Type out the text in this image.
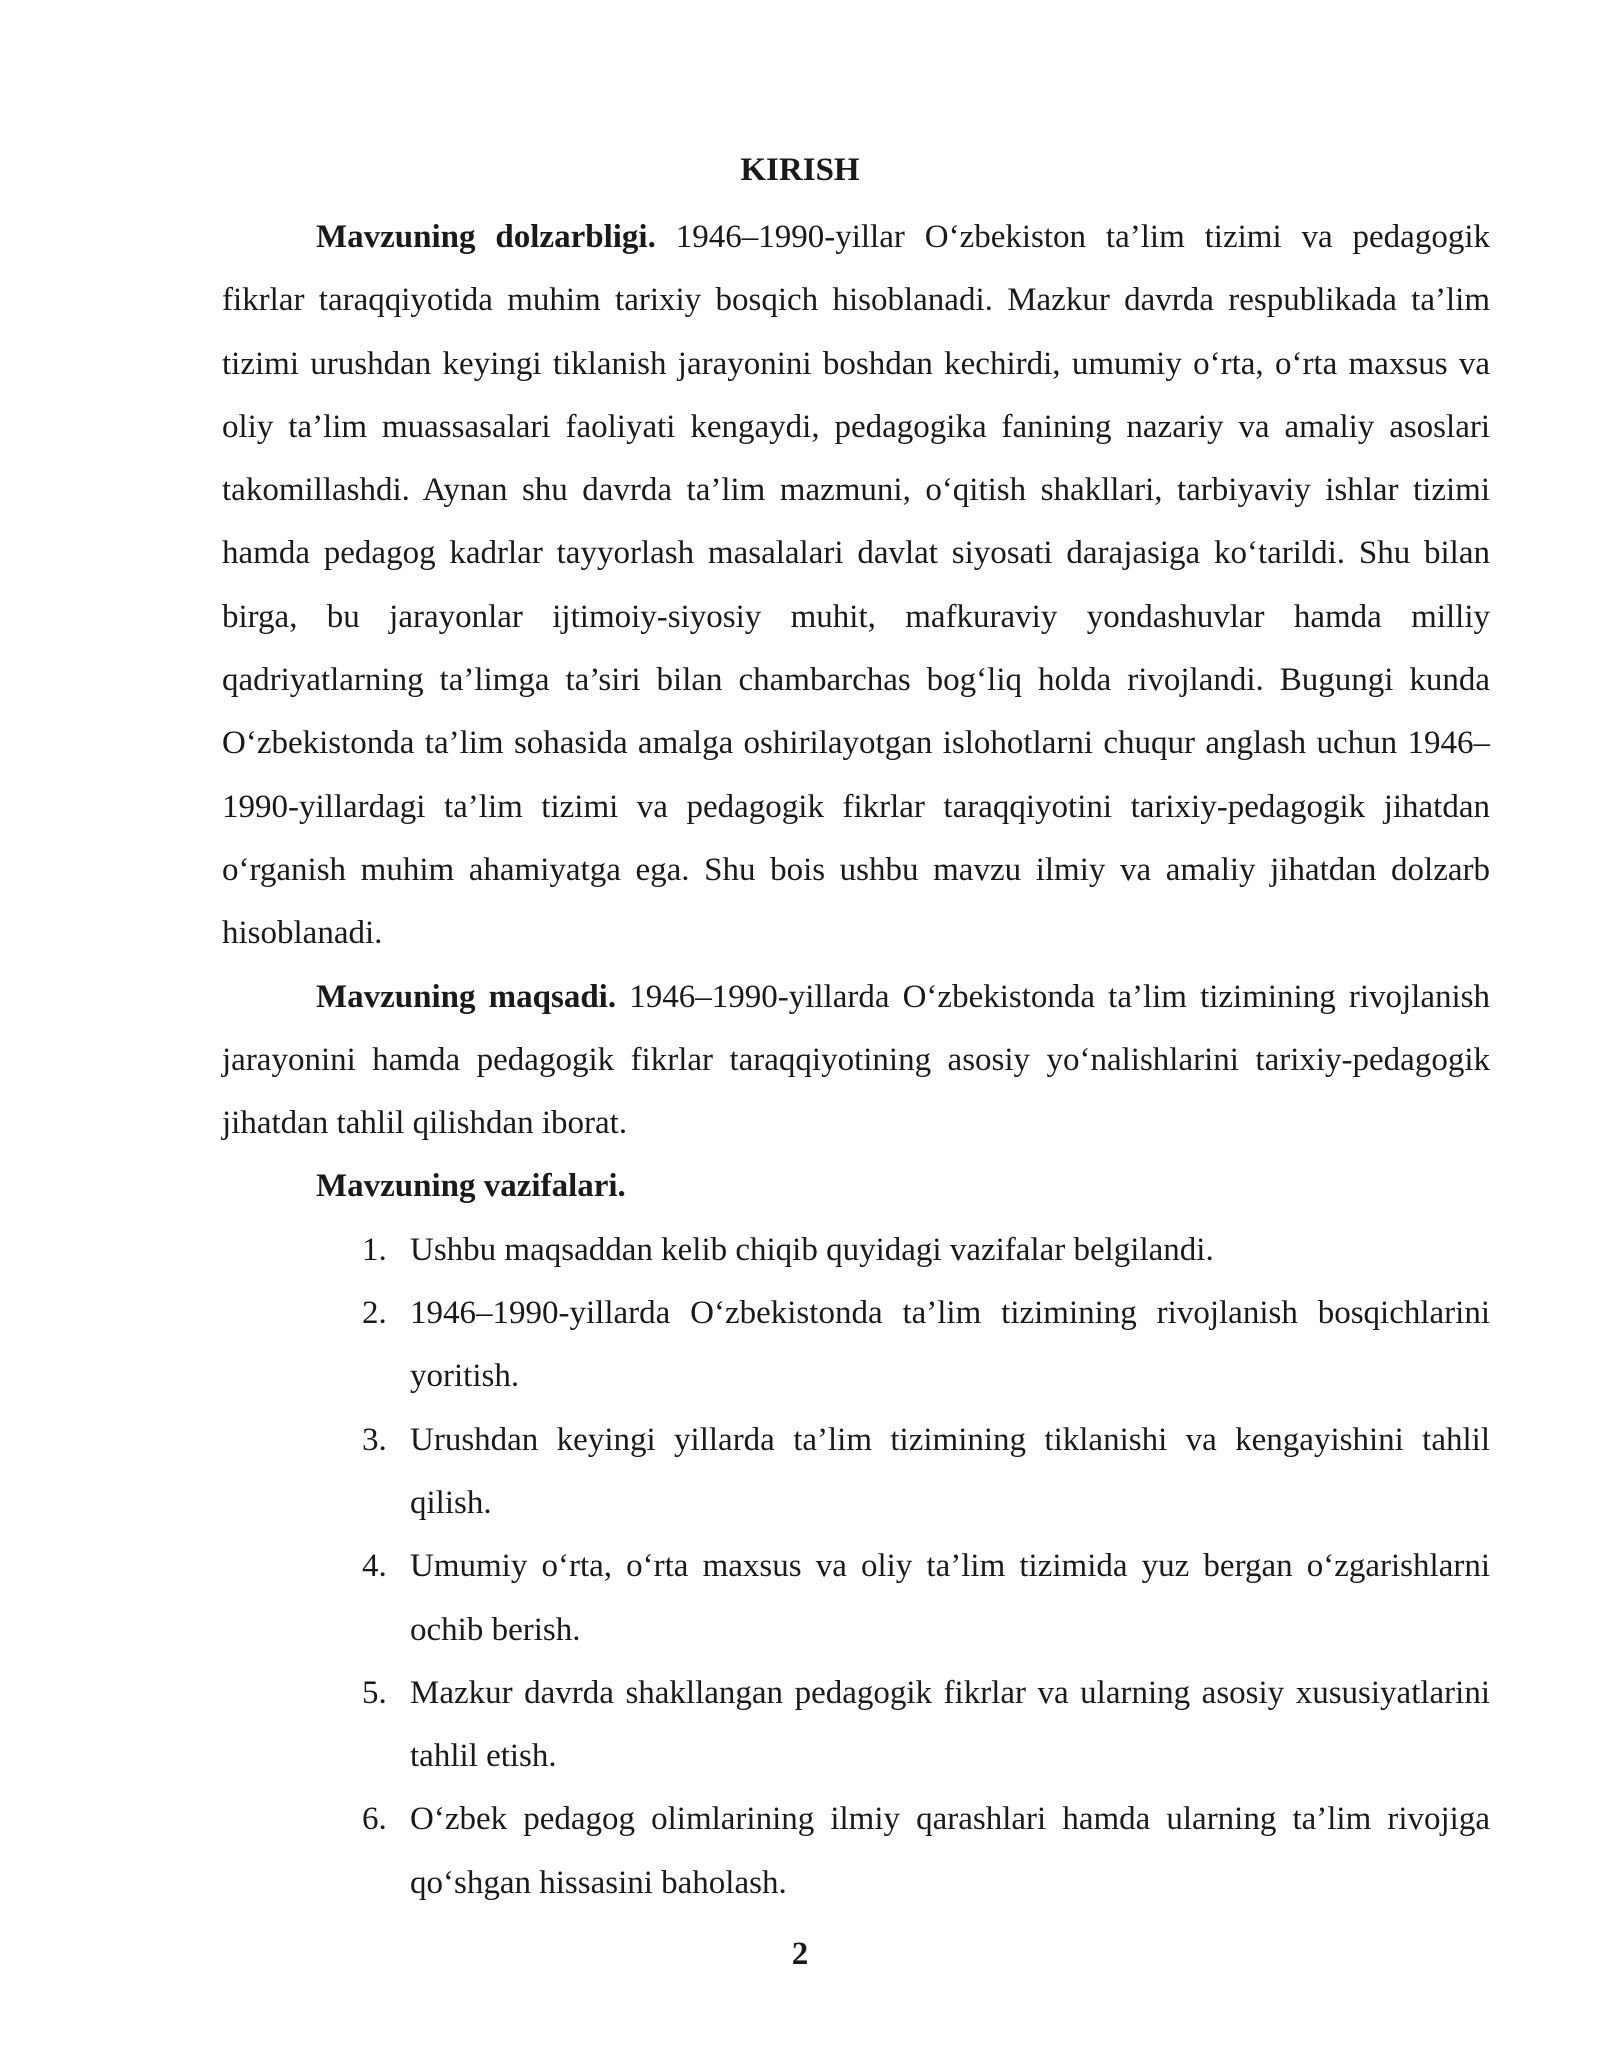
KIRISH

Mavzuning dolzarbligi. 1946–1990-yillar O‘zbekiston ta’lim tizimi va pedagogik fikrlar taraqqiyotida muhim tarixiy bosqich hisoblanadi. Mazkur davrda respublikada ta’lim tizimi urushdan keyingi tiklanish jarayonini boshdan kechirdi, umumiy o‘rta, o‘rta maxsus va oliy ta’lim muassasalari faoliyati kengaydi, pedagogika fanining nazariy va amaliy asoslari takomillashdi. Aynan shu davrda ta’lim mazmuni, o‘qitish shakllari, tarbiyaviy ishlar tizimi hamda pedagog kadrlar tayyorlash masalalari davlat siyosati darajasiga ko‘tarildi. Shu bilan birga, bu jarayonlar ijtimoiy-siyosiy muhit, mafkuraviy yondashuvlar hamda milliy qadriyatlarning ta’limga ta’siri bilan chambarchas bog‘liq holda rivojlandi. Bugungi kunda O‘zbekistonda ta’lim sohasida amalga oshirilayotgan islohotlarni chuqur anglash uchun 1946–1990-yillardagi ta’lim tizimi va pedagogik fikrlar taraqqiyotini tarixiy-pedagogik jihatdan o‘rganish muhim ahamiyatga ega. Shu bois ushbu mavzu ilmiy va amaliy jihatdan dolzarb hisoblanadi.

Mavzuning maqsadi. 1946–1990-yillarda O‘zbekistonda ta’lim tizimining rivojlanish jarayonini hamda pedagogik fikrlar taraqqiyotining asosiy yo‘nalishlarini tarixiy-pedagogik jihatdan tahlil qilishdan iborat.

Mavzuning vazifalari.

1. Ushbu maqsaddan kelib chiqib quyidagi vazifalar belgilandi.
2. 1946–1990-yillarda O‘zbekistonda ta’lim tizimining rivojlanish bosqichlarini yoritish.
3. Urushdan keyingi yillarda ta’lim tizimining tiklanishi va kengayishini tahlil qilish.
4. Umumiy o‘rta, o‘rta maxsus va oliy ta’lim tizimida yuz bergan o‘zgarishlarni ochib berish.
5. Mazkur davrda shakllangan pedagogik fikrlar va ularning asosiy xususiyatlarini tahlil etish.
6. O‘zbek pedagog olimlarining ilmiy qarashlari hamda ularning ta’lim rivojiga qo‘shgan hissasini baholash.
2
